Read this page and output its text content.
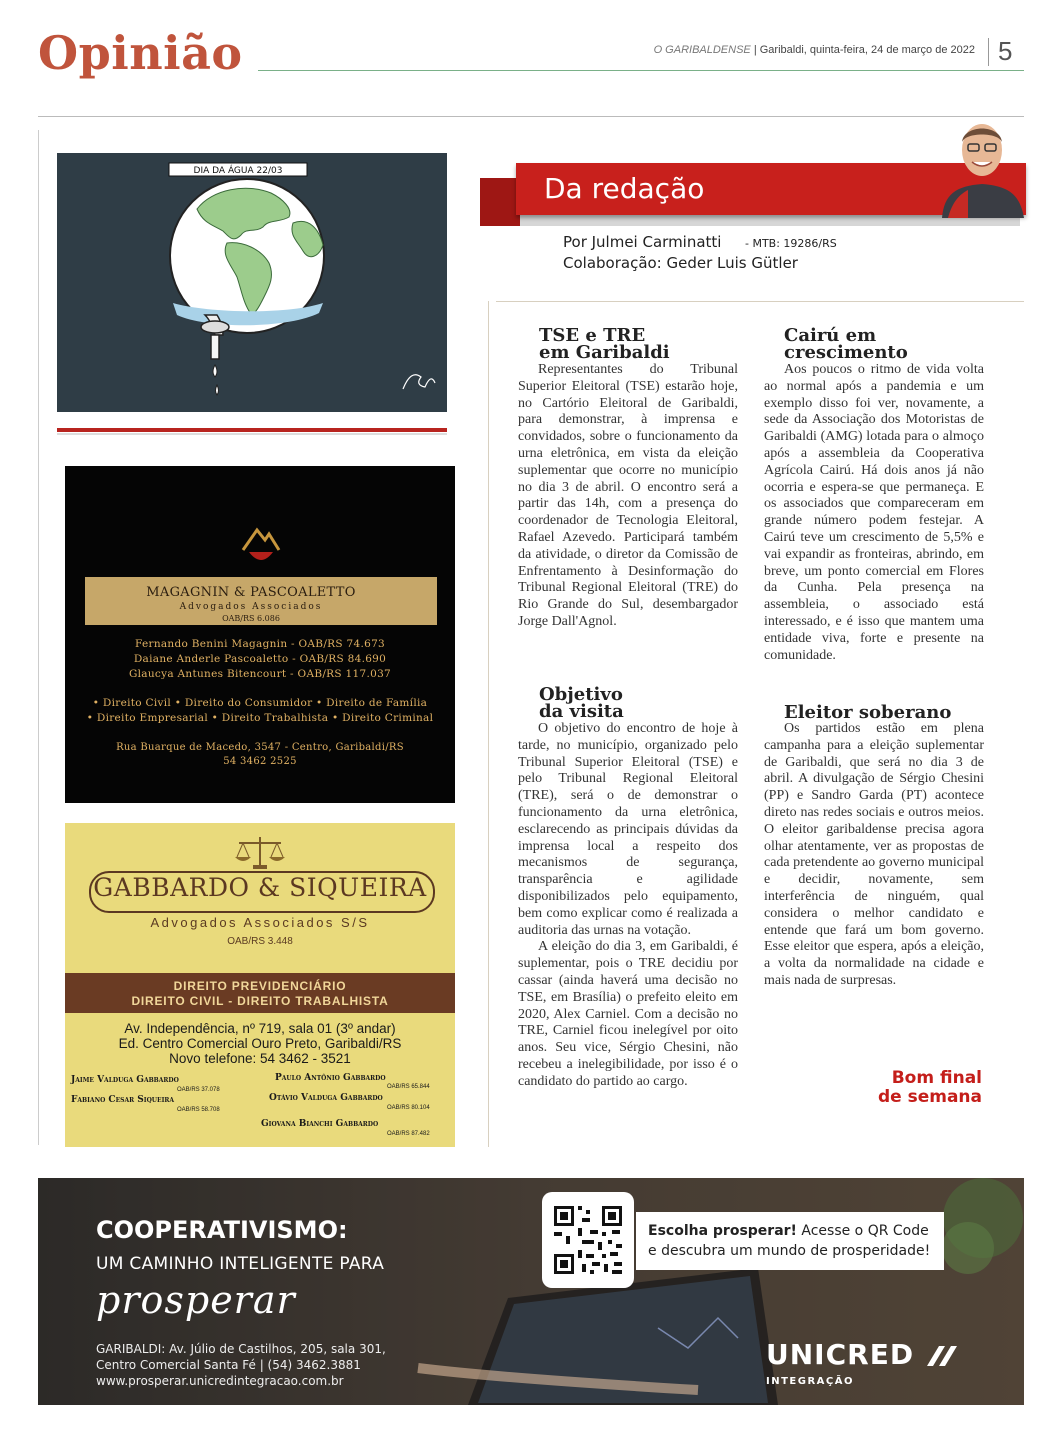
Opinião	O GARIBALDENSE | Garibaldi, quinta-feira, 24 de março de 2022 5
DIA DA ÁGUA 22/03
MAGAGNIN & PASCOALETTO
Advogados Associados
OAB/RS 6.086
Fernando Benini Magagnin - OAB/RS 74.673
Daiane Anderle Pascoaletto - OAB/RS 84.690
Glaucya Antunes Bitencourt - OAB/RS 117.037
• Direito Civil • Direito do Consumidor • Direito de Família
• Direito Empresarial • Direito Trabalhista • Direito Criminal
Rua Buarque de Macedo, 3547 - Centro, Garibaldi/RS
54 3462 2525
GABBARDO & SIQUEIRA
Advogados Associados S/S
OAB/RS 3.448
DIREITO PREVIDENCIÁRIO
DIREITO CIVIL - DIREITO TRABALHISTA
Av. Independência, nº 719, sala 01 (3º andar)
Ed. Centro Comercial Ouro Preto, Garibaldi/RS
Novo telefone: 54 3462 - 3521
Jaime Valduga Gabbardo
OAB/RS 37.078
Paulo Antônio Gabbardo
OAB/RS 65.844
Fabiano Cesar Siqueira
OAB/RS 58.708
Otávio Valduga Gabbardo
OAB/RS 80.104
Giovana Bianchi Gabbardo
OAB/RS 87.482
Da redação
Por Julmei Carminatti - MTB: 19286/RS
Colaboração: Geder Luis Gütler
TSE e TRE
em Garibaldi

Representantes do Tribunal Superior Eleitoral (TSE) estarão hoje, no Cartório Eleitoral de Garibaldi, para demonstrar, à imprensa e convidados, sobre o funcionamento da urna eletrônica, em vista da eleição suplementar que ocorre no município no dia 3 de abril. O encontro será a partir das 14h, com a presença do coordenador de Tecnologia Eleitoral, Rafael Azevedo. Participará também da atividade, o diretor da Comissão de Enfrentamento à Desinformação do Tribunal Regional Eleitoral (TRE) do Rio Grande do Sul, desembargador Jorge Dall'Agnol.

Objetivo
da visita

O objetivo do encontro de hoje à tarde, no município, organizado pelo Tribunal Superior Eleitoral (TSE) e pelo Tribunal Regional Eleitoral (TRE), será o de demonstrar o funcionamento da urna eletrônica, esclarecendo as principais dúvidas da imprensa local a respeito dos mecanismos de segurança, transparência e agilidade disponibilizados pelo equipamento, bem como explicar como é realizada a auditoria das urnas na votação.

A eleição do dia 3, em Garibaldi, é suplementar, pois o TRE decidiu por cassar (ainda haverá uma decisão no TSE, em Brasília) o prefeito eleito em 2020, Alex Carniel. Com a decisão no TRE, Carniel ficou inelegível por oito anos. Seu vice, Sérgio Chesini, não recebeu a inelegibilidade, por isso é o candidato do partido ao cargo.

Cairú em
crescimento

Aos poucos o ritmo de vida volta ao normal após a pandemia e um exemplo disso foi ver, novamente, a sede da Associação dos Motoristas de Garibaldi (AMG) lotada para o almoço após a assembleia da Cooperativa Agrícola Cairú. Há dois anos já não ocorria e espera-se que permaneça. E os associados que compareceram em grande número podem festejar. A Cairú teve um crescimento de 5,5% e vai expandir as fronteiras, abrindo, em breve, um ponto comercial em Flores da Cunha. Pela presença na assembleia, o associado está interessado, e é isso que mantem uma entidade viva, forte e presente na comunidade.

Eleitor soberano

Os partidos estão em plena campanha para a eleição suplementar de Garibaldi, que será no dia 3 de abril. A divulgação de Sérgio Chesini (PP) e Sandro Garda (PT) acontece direto nas redes sociais e outros meios. O eleitor garibaldense precisa agora olhar atentamente, ver as propostas de cada pretendente ao governo municipal e decidir, novamente, sem interferência de ninguém, qual considera o melhor candidato e entende que fará um bom governo. Esse eleitor que espera, após a eleição, a volta da normalidade na cidade e mais nada de surpresas.

Bom final
de semana
COOPERATIVISMO:
UM CAMINHO INTELIGENTE PARA
prosperar
GARIBALDI: Av. Júlio de Castilhos, 205, sala 301,
Centro Comercial Santa Fé | (54) 3462.3881
www.prosperar.unicredintegracao.com.br
Escolha prosperar! Acesse o QR Code e descubra um mundo de prosperidade!
UNICRED
INTEGRAÇÃO
